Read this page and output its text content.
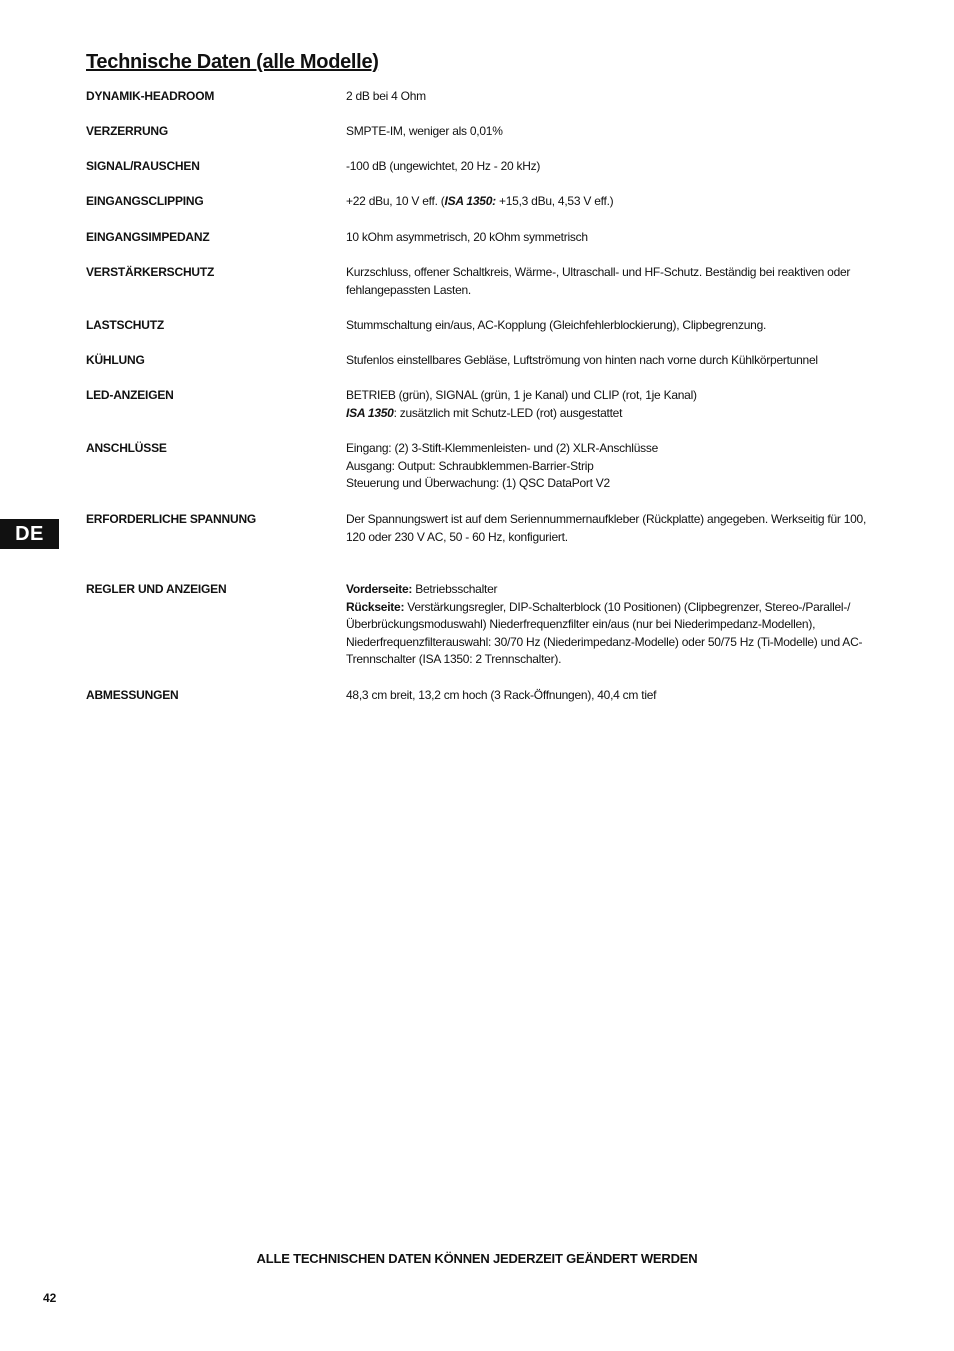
Technische Daten (alle Modelle)
DYNAMIK-HEADROOM	2 dB bei 4 Ohm
VERZERRUNG	SMPTE-IM, weniger als 0,01%
SIGNAL/RAUSCHEN	-100 dB (ungewichtet, 20 Hz - 20 kHz)
EINGANGSCLIPPING	+22 dBu, 10 V eff. (ISA 1350: +15,3 dBu, 4,53 V eff.)
EINGANGSIMPEDANZ	10 kOhm asymmetrisch, 20 kOhm symmetrisch
VERSTÄRKERSCHUTZ	Kurzschluss, offener Schaltkreis, Wärme-, Ultraschall- und HF-Schutz. Beständig bei reaktiven oder
fehlangepassten Lasten.
LASTSCHUTZ	Stummschaltung ein/aus, AC-Kopplung (Gleichfehlerblockierung), Clipbegrenzung.
KÜHLUNG	Stufenlos einstellbares Gebläse, Luftströmung von hinten nach vorne durch Kühlkörpertunnel
LED-ANZEIGEN	BETRIEB (grün), SIGNAL (grün, 1 je Kanal) und CLIP (rot, 1je Kanal)
ISA 1350: zusätzlich mit Schutz-LED (rot) ausgestattet
ANSCHLÜSSE	Eingang: (2) 3-Stift-Klemmenleisten- und (2) XLR-Anschlüsse
Ausgang: Output: Schraubklemmen-Barrier-Strip
Steuerung und Überwachung: (1) QSC DataPort V2
ERFORDERLICHE SPANNUNG	Der Spannungswert ist auf dem Seriennummernaufkleber (Rückplatte) angegeben. Werkseitig für 100,
120 oder 230 V AC, 50 - 60 Hz, konfiguriert.
REGLER UND ANZEIGEN	Vorderseite: Betriebsschalter
Rückseite: Verstärkungsregler, DIP-Schalterblock (10 Positionen) (Clipbegrenzer, Stereo-/Parallel-/
Überbrückungsmoduswahl) Niederfrequenzfilter ein/aus (nur bei Niederimpedanz-Modellen),
Niederfrequenzfilterauswahl: 30/70 Hz (Niederimpedanz-Modelle) oder 50/75 Hz (Ti-Modelle) und AC-
Trennschalter (ISA 1350: 2 Trennschalter).
ABMESSUNGEN	48,3 cm breit, 13,2 cm hoch (3 Rack-Öffnungen), 40,4 cm tief
DE
ALLE TECHNISCHEN DATEN KÖNNEN JEDERZEIT GEÄNDERT WERDEN
42
